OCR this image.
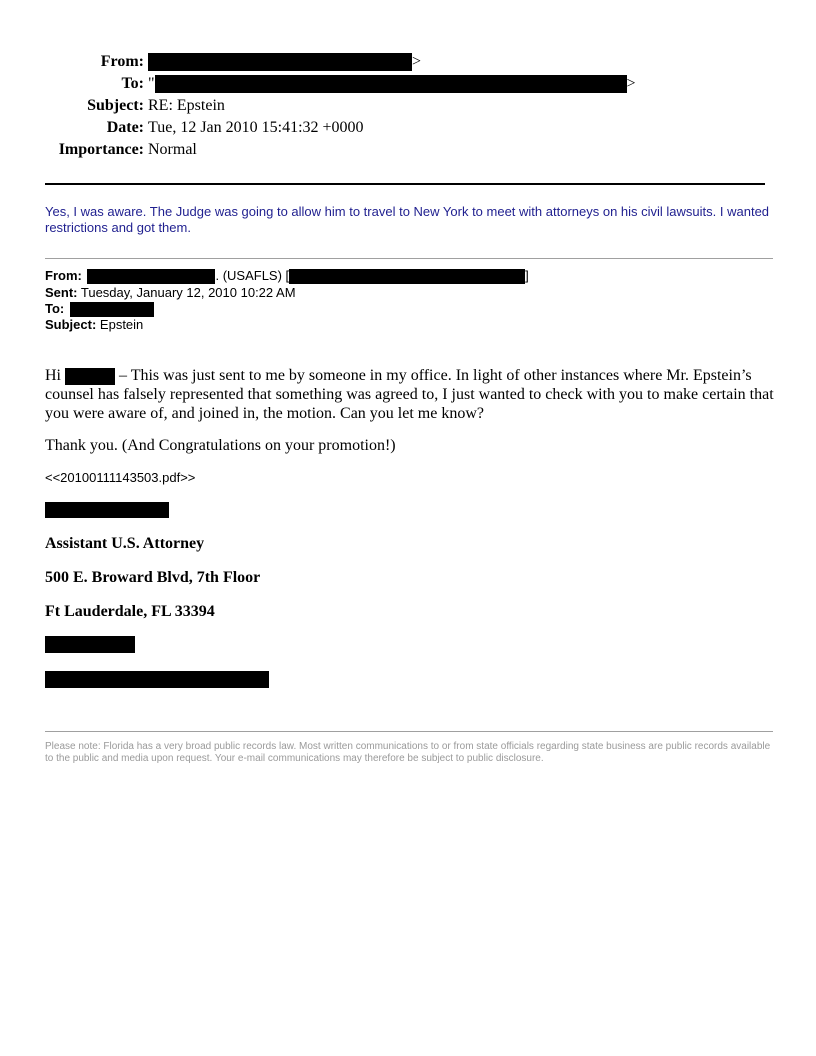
From:	>
To: "	>
Subject: RE: Epstein
Date: Tue, 12 Jan 2010 15:41:32 +0000
Importance: Normal
Yes, I was aware. The Judge was going to allow him to travel to New York to meet with attorneys on his civil lawsuits. I wanted restrictions and got them.
From:	. (USAFLS) [	]
Sent: Tuesday, January 12, 2010 10:22 AM
To:
Subject: Epstein
Hi	– This was just sent to me by someone in my office. In light of other instances where Mr. Epstein’s counsel has falsely represented that something was agreed to, I just wanted to check with you to make certain that you were aware of, and joined in, the motion. Can you let me know?
Thank you. (And Congratulations on your promotion!)
<<20100111143503.pdf>>
Assistant U.S. Attorney
500 E. Broward Blvd, 7th Floor
Ft Lauderdale, FL 33394
Please note: Florida has a very broad public records law. Most written communications to or from state officials regarding state business are public records available to the public and media upon request. Your e-mail communications may therefore be subject to public disclosure.
